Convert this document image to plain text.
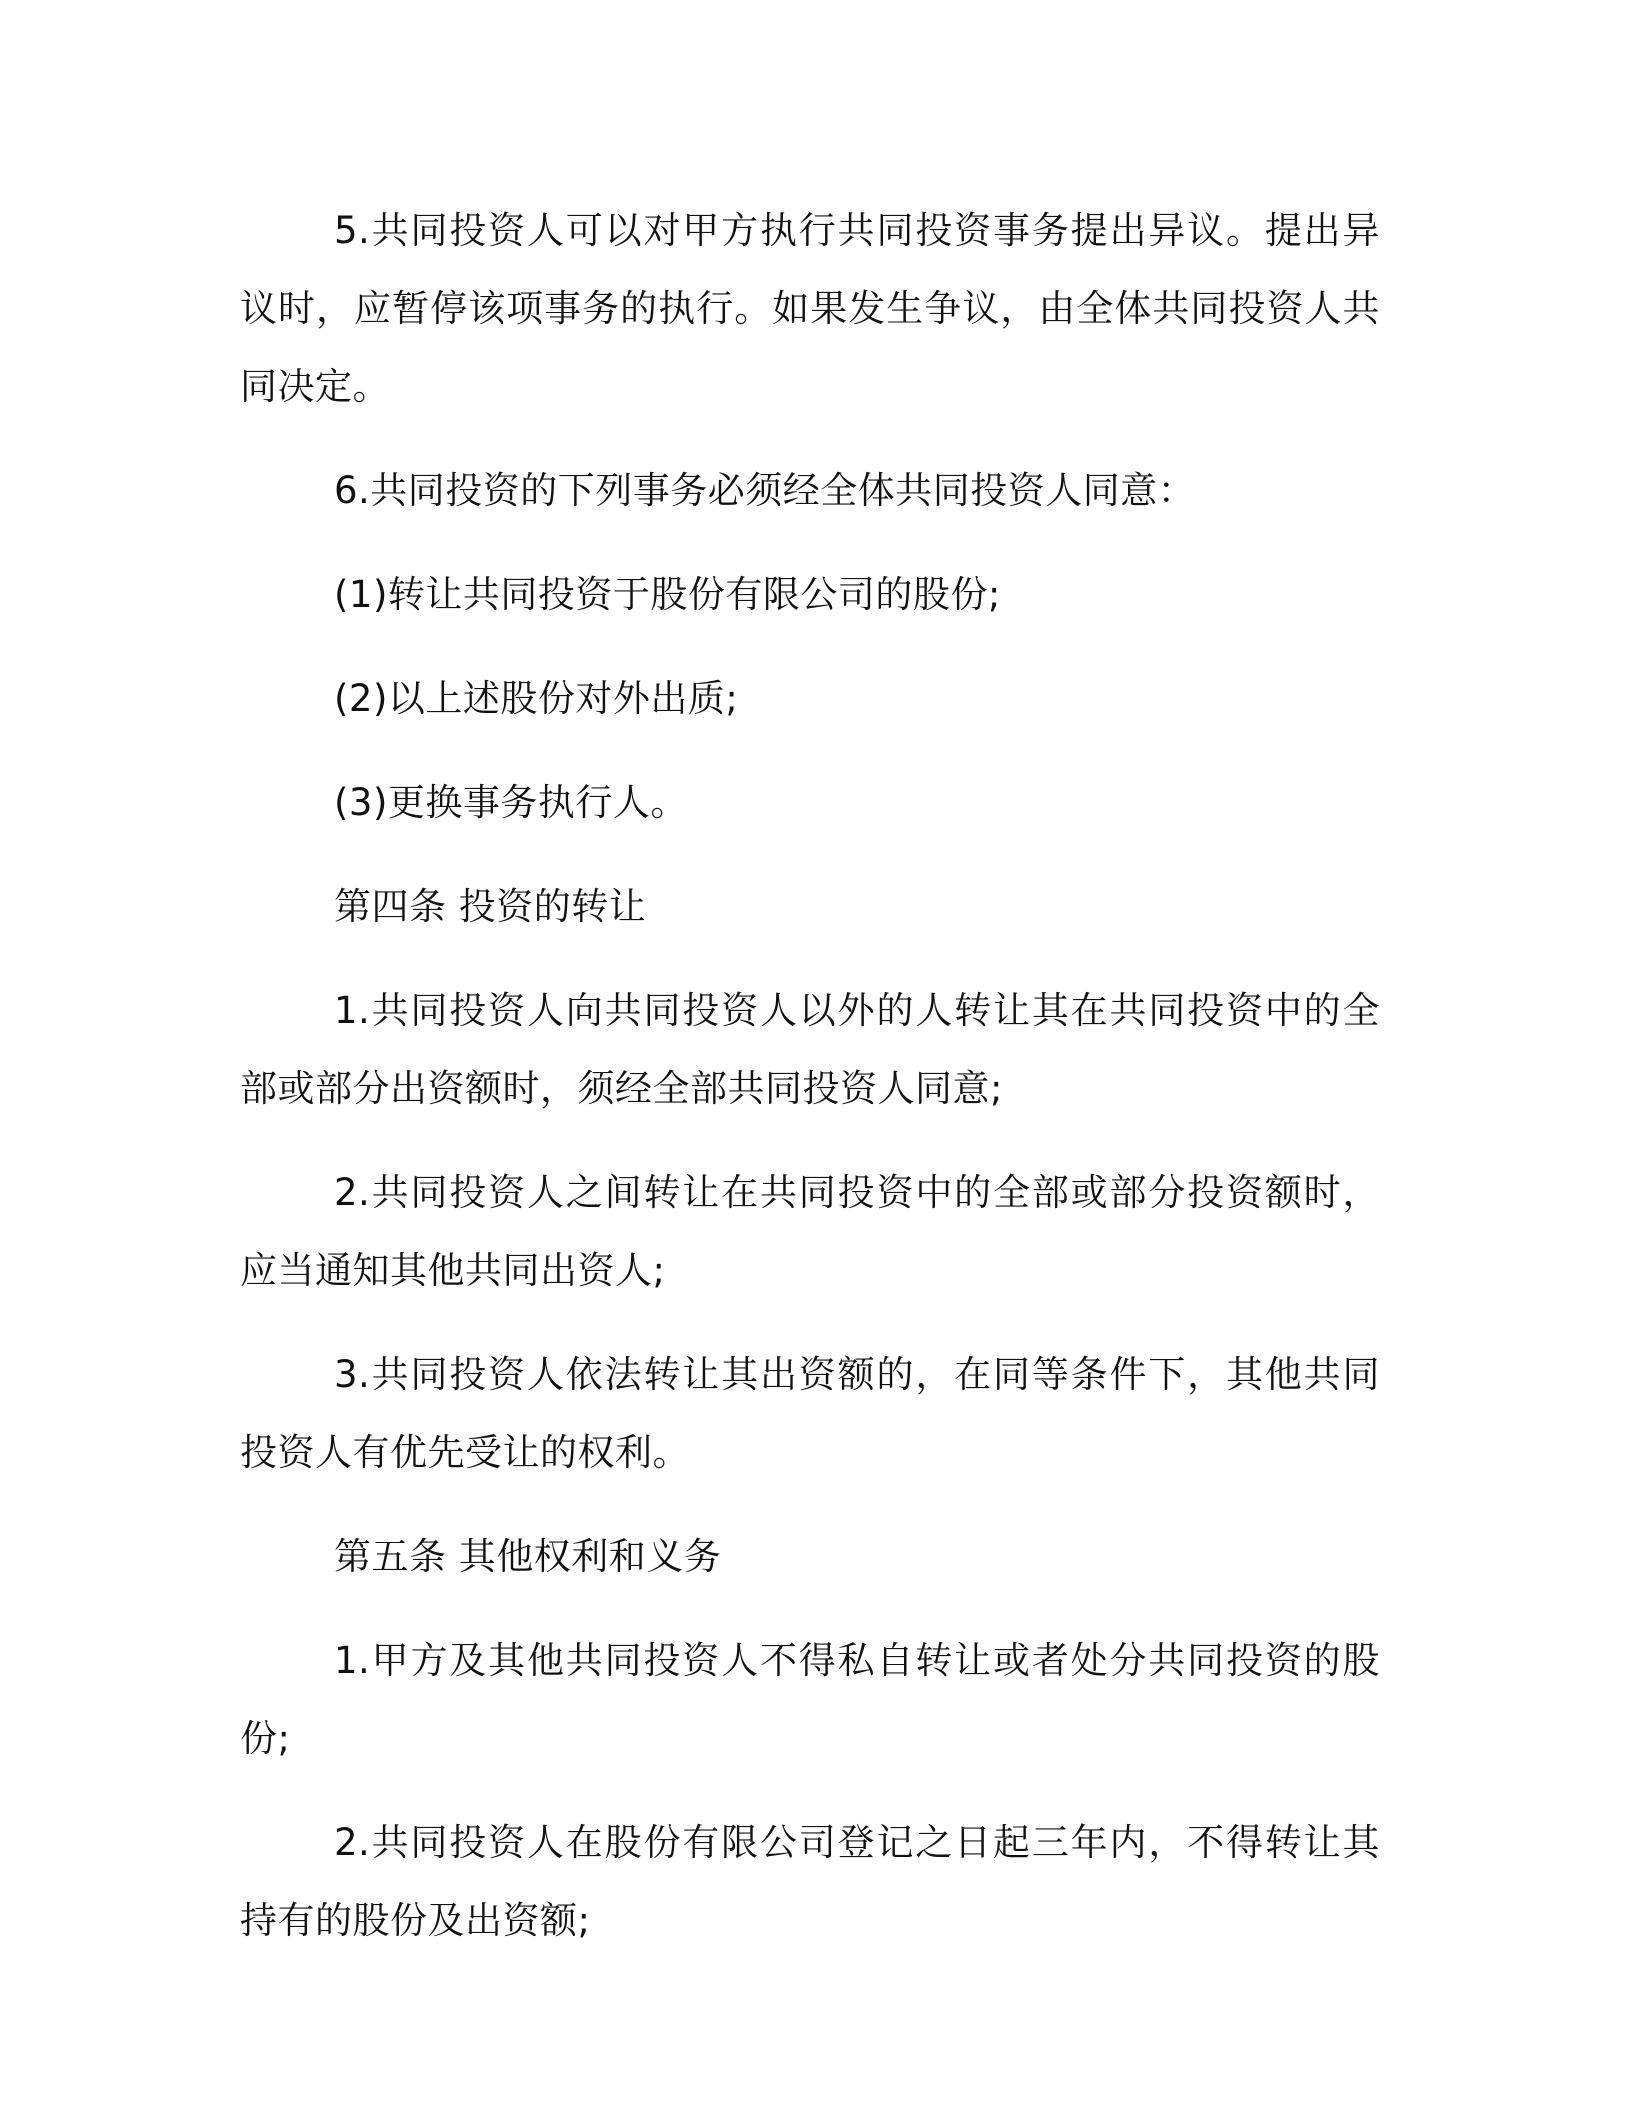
5.共同投资人可以对甲方执行共同投资事务提出异议。提出异议时，应暂停该项事务的执行。如果发生争议，由全体共同投资人共同决定。

6.共同投资的下列事务必须经全体共同投资人同意：

(1)转让共同投资于股份有限公司的股份;

(2)以上述股份对外出质;

(3)更换事务执行人。

第四条 投资的转让

1.共同投资人向共同投资人以外的人转让其在共同投资中的全部或部分出资额时，须经全部共同投资人同意;

2.共同投资人之间转让在共同投资中的全部或部分投资额时，应当通知其他共同出资人;

3.共同投资人依法转让其出资额的，在同等条件下，其他共同投资人有优先受让的权利。

第五条 其他权利和义务

1.甲方及其他共同投资人不得私自转让或者处分共同投资的股份;

2.共同投资人在股份有限公司登记之日起三年内，不得转让其持有的股份及出资额;
